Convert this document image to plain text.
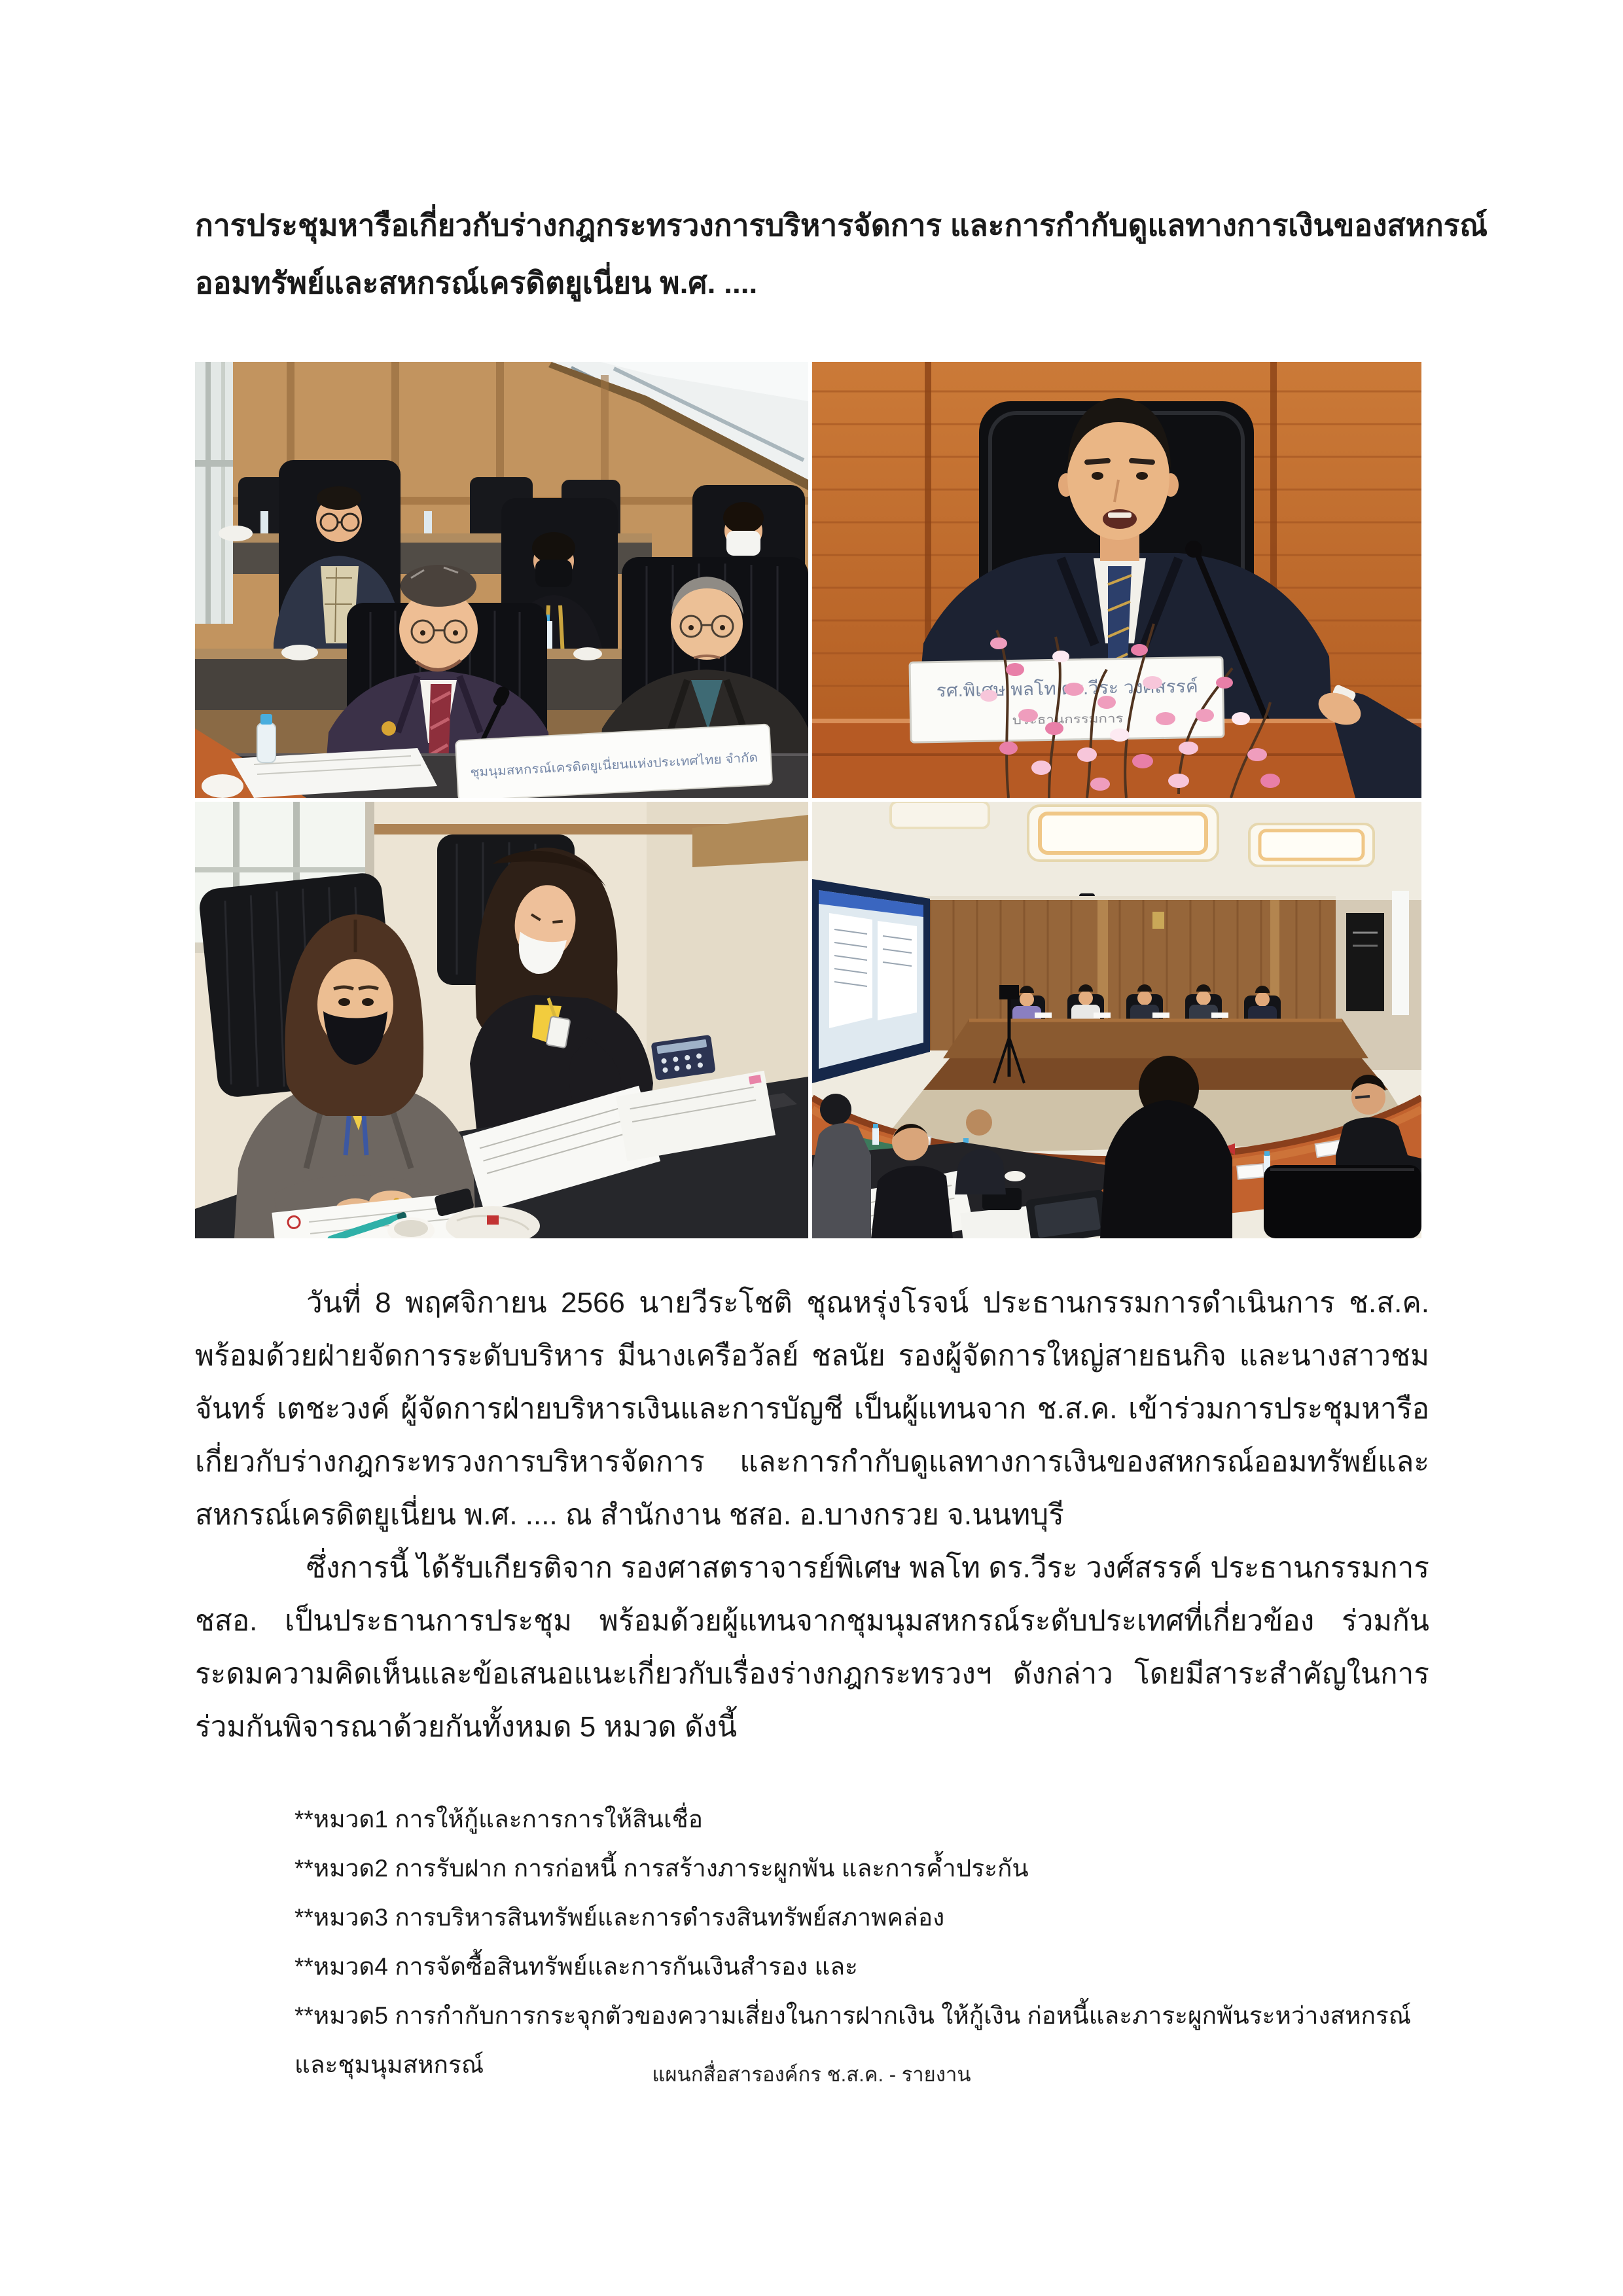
การประชุมหารือเกี่ยวกับร่างกฎกระทรวงการบริหารจัดการ และการกำกับดูแลทางการเงินของสหกรณ์
ออมทรัพย์และสหกรณ์เครดิตยูเนี่ยน พ.ศ. ....
ชุมนุมสหกรณ์เครดิตยูเนี่ยนแห่งประเทศไทย จำกัด
รศ.พิเศษ พลโท ดร.วีระ วงศ์สรรค์
ประธานกรรมการ

วันที่ 8 พฤศจิกายน 2566 นายวีระโชติ ชุณหรุ่งโรจน์ ประธานกรรมการดำเนินการ ช.ส.ค. พร้อมด้วยฝ่ายจัดการระดับบริหาร มีนางเครือวัลย์ ชลนัย รองผู้จัดการใหญ่สายธนกิจ และนางสาวชมจันทร์ เตชะวงค์ ผู้จัดการฝ่ายบริหารเงินและการบัญชี เป็นผู้แทนจาก ช.ส.ค. เข้าร่วมการประชุมหารือเกี่ยวกับร่างกฎกระทรวงการบริหารจัดการ และการกำกับดูแลทางการเงินของสหกรณ์ออมทรัพย์และสหกรณ์เครดิตยูเนี่ยน พ.ศ. .... ณ สำนักงาน ชสอ. อ.บางกรวย จ.นนทบุรี

ซึ่งการนี้ ได้รับเกียรติจาก รองศาสตราจารย์พิเศษ พลโท ดร.วีระ วงศ์สรรค์ ประธานกรรมการ ชสอ. เป็นประธานการประชุม พร้อมด้วยผู้แทนจากชุมนุมสหกรณ์ระดับประเทศที่เกี่ยวข้อง ร่วมกัน ระดมความคิดเห็นและข้อเสนอแนะเกี่ยวกับเรื่องร่างกฎกระทรวงฯ ดังกล่าว โดยมีสาระสำคัญในการร่วมกันพิจารณาด้วยกันทั้งหมด 5 หมวด ดังนี้

**หมวด1 การให้กู้และการการให้สินเชื่อ
**หมวด2 การรับฝาก การก่อหนี้ การสร้างภาระผูกพัน และการค้ำประกัน
**หมวด3 การบริหารสินทรัพย์และการดำรงสินทรัพย์สภาพคล่อง
**หมวด4 การจัดซื้อสินทรัพย์และการกันเงินสำรอง และ
**หมวด5 การกำกับการกระจุกตัวของความเสี่ยงในการฝากเงิน ให้กู้เงิน ก่อหนี้และภาระผูกพันระหว่างสหกรณ์และชุมนุมสหกรณ์	แผนกสื่อสารองค์กร ช.ส.ค. - รายงาน
